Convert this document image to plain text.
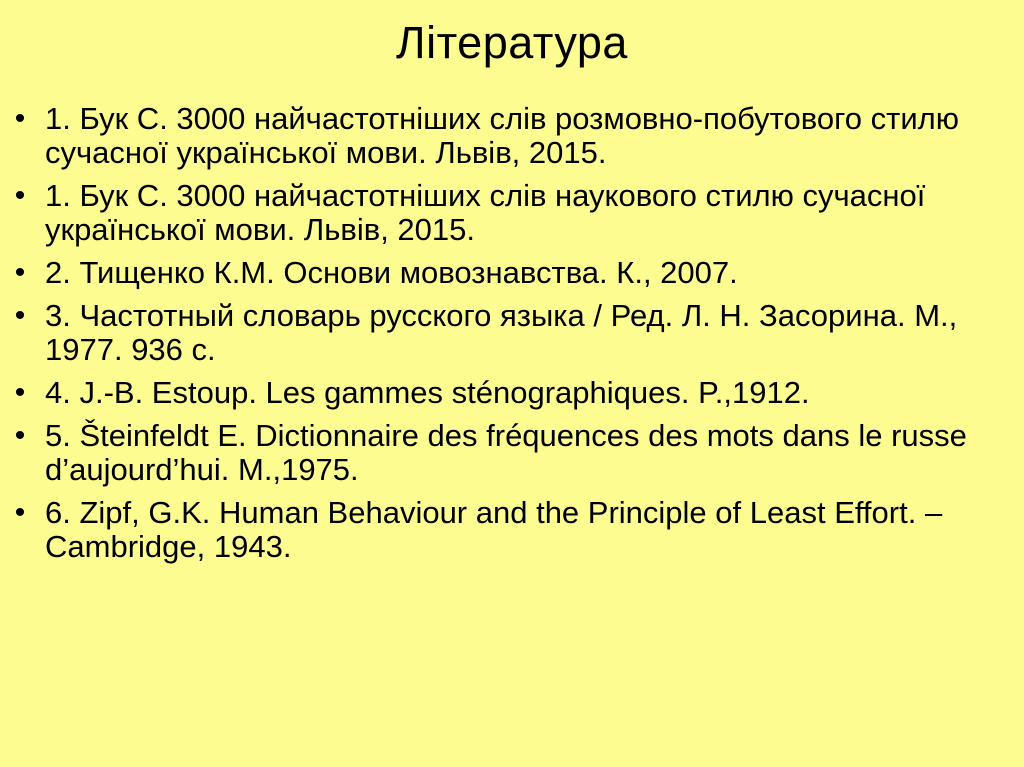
Література
• 1. Бук С. 3000 найчастотніших слів розмовно-побутового стилю сучасної української мови. Львів, 2015.
• 1. Бук С. 3000 найчастотніших слів наукового стилю сучасної української мови. Львів, 2015.
• 2. Тищенко К.М. Основи мовознавства. К., 2007.
• 3. Частотный словарь русского языка / Ред. Л. Н. Засорина. М., 1977. 936 с.
• 4. J.-B. Estoup. Les gammes sténographiques. P.,1912.
• 5. Šteinfeldt E. Dictionnaire des fréquences des mots dans le russe d’aujourd’hui. M.,1975.
• 6. Zipf, G.K. Human Behaviour and the Principle of Least Effort. – Cambridge, 1943.
